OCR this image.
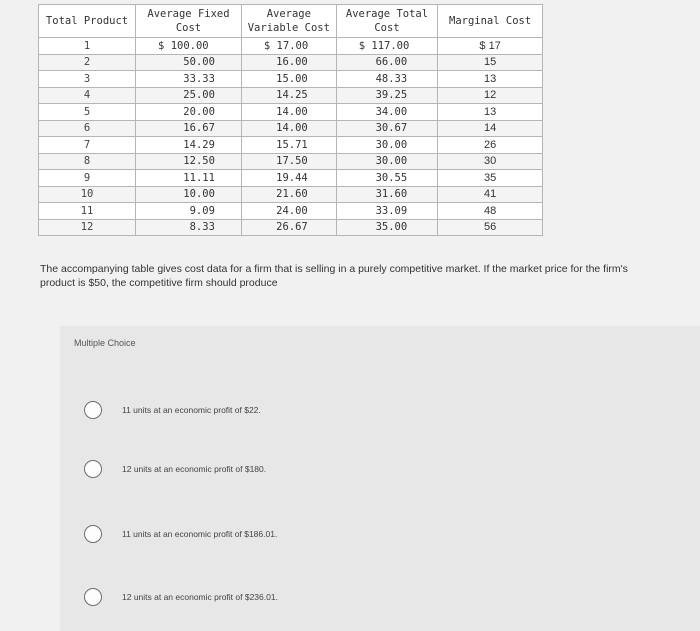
Total Product	Average Fixed Cost	Average Variable Cost	Average Total Cost	Marginal Cost
1	$ 100.00	$ 17.00	$ 117.00	$ 17
2	50.00	16.00	66.00	15
3	33.33	15.00	48.33	13
4	25.00	14.25	39.25	12
5	20.00	14.00	34.00	13
6	16.67	14.00	30.67	14
7	14.29	15.71	30.00	26
8	12.50	17.50	30.00	30
9	11.11	19.44	30.55	35
10	10.00	21.60	31.60	41
11	9.09	24.00	33.09	48
12	8.33	26.67	35.00	56

The accompanying table gives cost data for a firm that is selling in a purely competitive market. If the market price for the firm's product is $50, the competitive firm should produce

Multiple Choice
11 units at an economic profit of $22.
12 units at an economic profit of $180.
11 units at an economic profit of $186.01.
12 units at an economic profit of $236.01.
